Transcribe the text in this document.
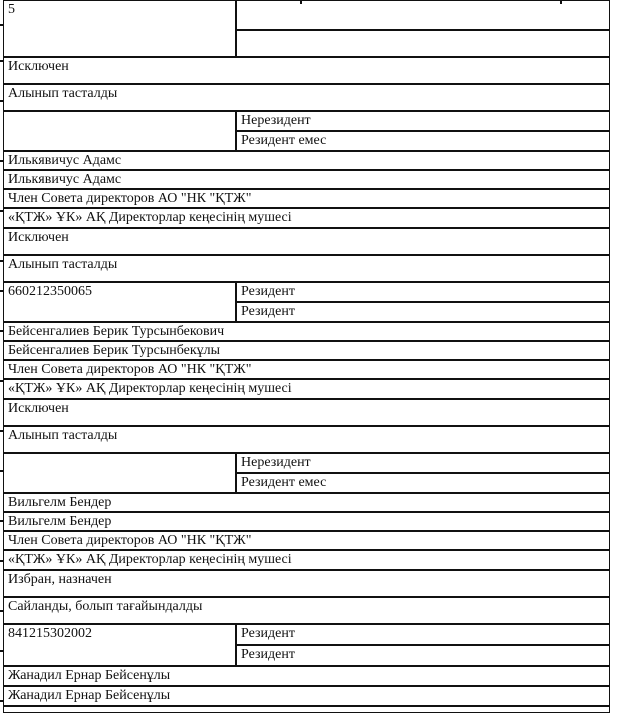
5
Исключен
Алынып тасталды
Нерезидент
Резидент емес
Илькявичус Адамс
Илькявичус Адамс
Член Совета директоров АО "НК "ҚТЖ"
«ҚТЖ» ҰК» АҚ Директорлар кеңесінің мушесі
Исключен
Алынып тасталды
660212350065	Резидент
Резидент
Бейсенгалиев Берик Турсынбекович
Бейсенгалиев Берик Турсынбекұлы
Член Совета директоров АО "НК "ҚТЖ"
«ҚТЖ» ҰК» АҚ Директорлар кеңесінің мушесі
Исключен
Алынып тасталды
Нерезидент
Резидент емес
Вильгелм Бендер
Вильгелм Бендер
Член Совета директоров АО "НК "ҚТЖ"
«ҚТЖ» ҰК» АҚ Директорлар кеңесінің мушесі
Избран, назначен
Сайланды, болып тағайындалды
841215302002	Резидент
Резидент
Жанадил Ернар Бейсенұлы
Жанадил Ернар Бейсенұлы
